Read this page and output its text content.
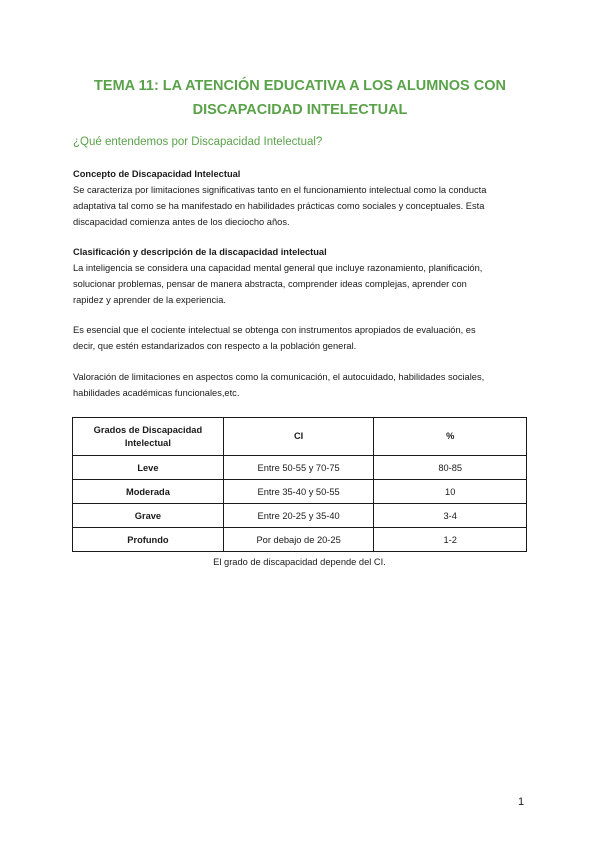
TEMA 11: LA ATENCIÓN EDUCATIVA A LOS ALUMNOS CON
DISCAPACIDAD INTELECTUAL
¿Qué entendemos por Discapacidad Intelectual?
Concepto de Discapacidad Intelectual
Se caracteriza por limitaciones significativas tanto en el funcionamiento intelectual como la conducta
adaptativa tal como se ha manifestado en habilidades prácticas como sociales y conceptuales. Esta
discapacidad comienza antes de los dieciocho años.
Clasificación y descripción de la discapacidad intelectual
La inteligencia se considera una capacidad mental general que incluye razonamiento, planificación,
solucionar problemas, pensar de manera abstracta, comprender ideas complejas, aprender con
rapidez y aprender de la experiencia.
Es esencial que el cociente intelectual se obtenga con instrumentos apropiados de evaluación, es
decir, que estén estandarizados con respecto a la población general.
Valoración de limitaciones en aspectos como la comunicación, el autocuidado, habilidades sociales,
habilidades académicas funcionales,etc.
Grados de Discapacidad Intelectual	CI	%
Leve	Entre 50-55 y 70-75	80-85
Moderada	Entre 35-40 y 50-55	10
Grave	Entre 20-25 y 35-40	3-4
Profundo	Por debajo de 20-25	1-2
El grado de discapacidad depende del CI.
1
